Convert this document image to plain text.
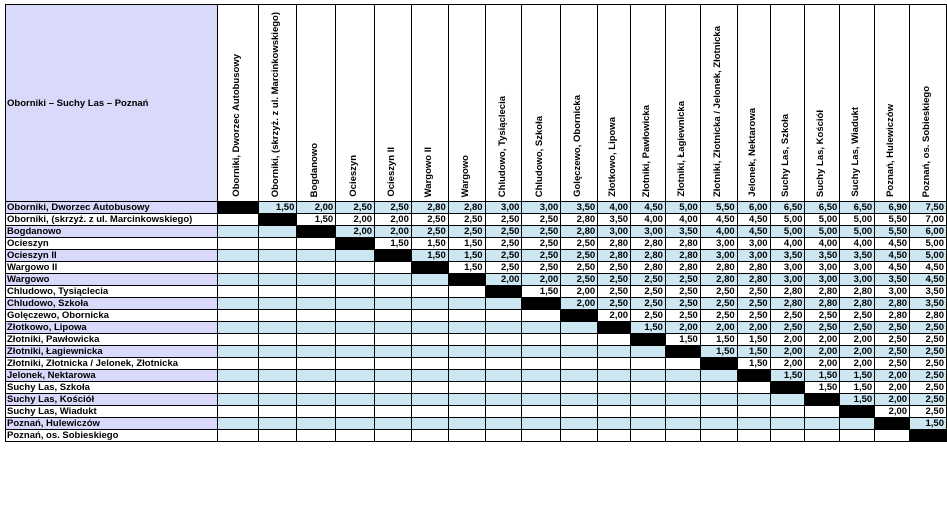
Oborniki – Suchy Las – Poznań	Oborniki, Dworzec Autobusowy	Oborniki, (skrzyż. z ul. Marcinkowskiego)	Bogdanowo	Ocieszyn	Ocieszyn II	Wargowo II	Wargowo	Chludowo, Tysiąclecia	Chludowo, Szkoła	Golęczewo, Obornicka	Złotkowo, Lipowa	Złotniki, Pawłowicka	Złotniki, Łagiewnicka	Złotniki, Złotnicka / Jelonek, Złotnicka	Jelonek, Nektarowa	Suchy Las, Szkoła	Suchy Las, Kościół	Suchy Las, Wiadukt	Poznań, Hulewiczów	Poznań, os. Sobieskiego
Oborniki, Dworzec Autobusowy		1,50	2,00	2,50	2,50	2,80	2,80	3,00	3,00	3,50	4,00	4,50	5,00	5,50	6,00	6,50	6,50	6,50	6,90	7,50
Oborniki, (skrzyż. z ul. Marcinkowskiego)			1,50	2,00	2,00	2,50	2,50	2,50	2,50	2,80	3,50	4,00	4,00	4,50	4,50	5,00	5,00	5,00	5,50	7,00
Bogdanowo				2,00	2,00	2,50	2,50	2,50	2,50	2,80	3,00	3,00	3,50	4,00	4,50	5,00	5,00	5,00	5,50	6,00
Ocieszyn					1,50	1,50	1,50	2,50	2,50	2,50	2,80	2,80	2,80	3,00	3,00	4,00	4,00	4,00	4,50	5,00
Ocieszyn II						1,50	1,50	2,50	2,50	2,50	2,80	2,80	2,80	3,00	3,00	3,50	3,50	3,50	4,50	5,00
Wargowo II							1,50	2,50	2,50	2,50	2,50	2,80	2,80	2,80	2,80	3,00	3,00	3,00	4,50	4,50
Wargowo								2,00	2,00	2,50	2,50	2,50	2,50	2,80	2,80	3,00	3,00	3,00	3,50	4,50
Chludowo, Tysiąclecia									1,50	2,00	2,50	2,50	2,50	2,50	2,50	2,80	2,80	2,80	3,00	3,50
Chludowo, Szkoła										2,00	2,50	2,50	2,50	2,50	2,50	2,80	2,80	2,80	2,80	3,50
Golęczewo, Obornicka											2,00	2,50	2,50	2,50	2,50	2,50	2,50	2,50	2,80	2,80
Złotkowo, Lipowa												1,50	2,00	2,00	2,00	2,50	2,50	2,50	2,50	2,50
Złotniki, Pawłowicka													1,50	1,50	1,50	2,00	2,00	2,00	2,50	2,50
Złotniki, Łagiewnicka														1,50	1,50	2,00	2,00	2,00	2,50	2,50
Złotniki, Złotnicka / Jelonek, Złotnicka															1,50	2,00	2,00	2,00	2,50	2,50
Jelonek, Nektarowa																1,50	1,50	1,50	2,00	2,50
Suchy Las, Szkoła																	1,50	1,50	2,00	2,50
Suchy Las, Kościół																		1,50	2,00	2,50
Suchy Las, Wiadukt																			2,00	2,50
Poznań, Hulewiczów																				1,50
Poznań, os. Sobieskiego																				
